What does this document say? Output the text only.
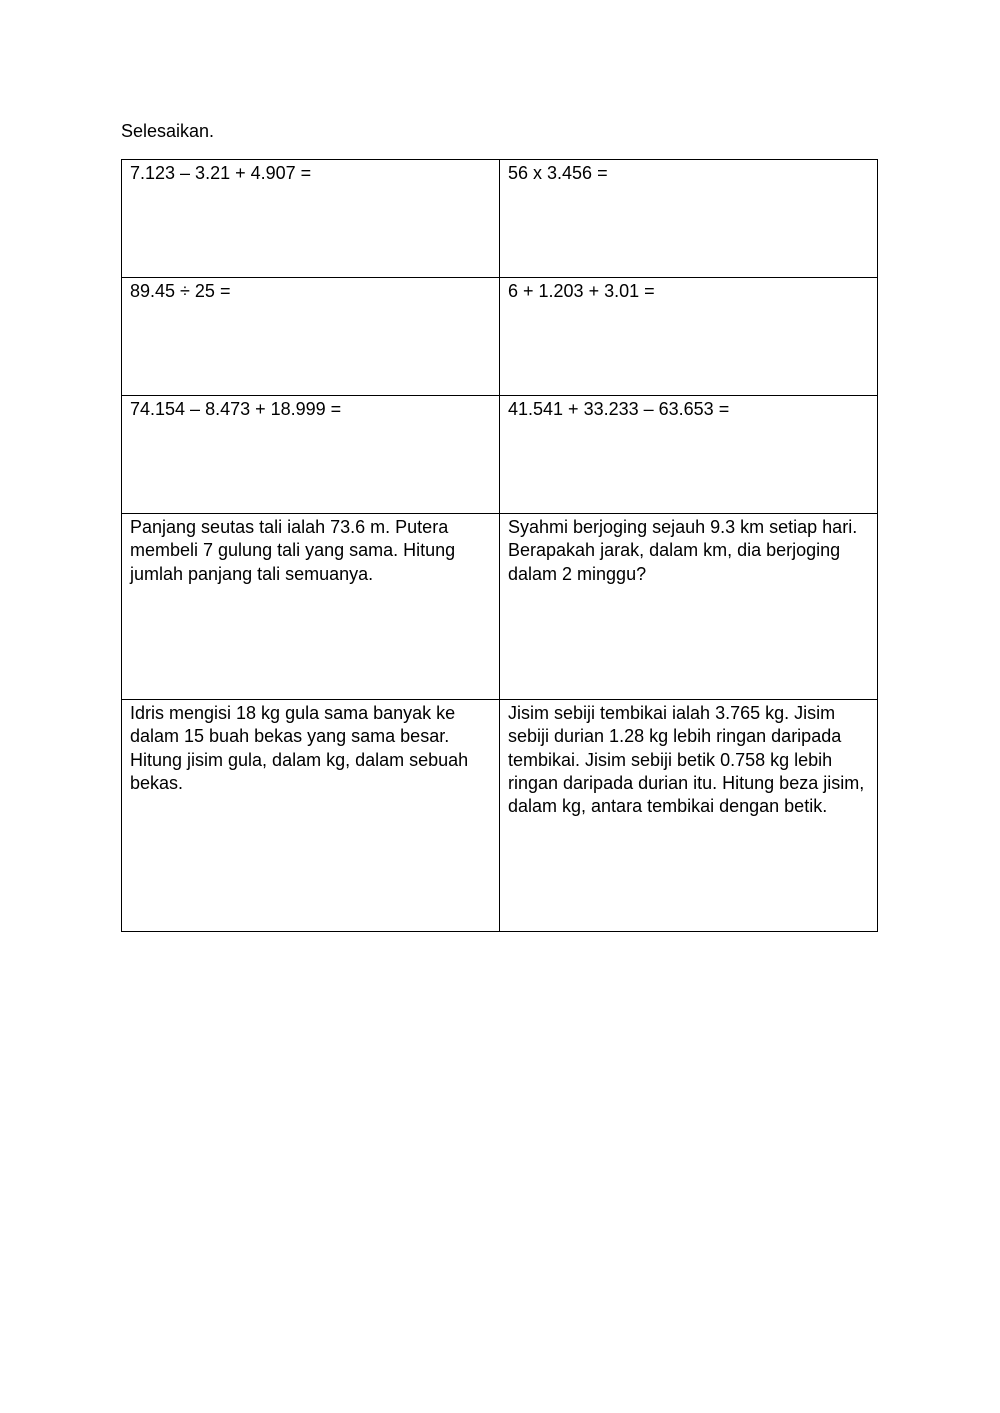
Selesaikan.
7.123 – 3.21 + 4.907 =	56 x 3.456 =
89.45 ÷ 25 =	6 + 1.203 + 3.01 =
74.154 – 8.473 + 18.999 =	41.541 + 33.233 – 63.653 =
Panjang seutas tali ialah 73.6 m. Putera membeli 7 gulung tali yang sama. Hitung jumlah panjang tali semuanya.	Syahmi berjoging sejauh 9.3 km setiap hari. Berapakah jarak, dalam km, dia berjoging dalam 2 minggu?
Idris mengisi 18 kg gula sama banyak ke dalam 15 buah bekas yang sama besar. Hitung jisim gula, dalam kg, dalam sebuah bekas.	Jisim sebiji tembikai ialah 3.765 kg. Jisim sebiji durian 1.28 kg lebih ringan daripada tembikai. Jisim sebiji betik 0.758 kg lebih ringan daripada durian itu. Hitung beza jisim, dalam kg, antara tembikai dengan betik.
